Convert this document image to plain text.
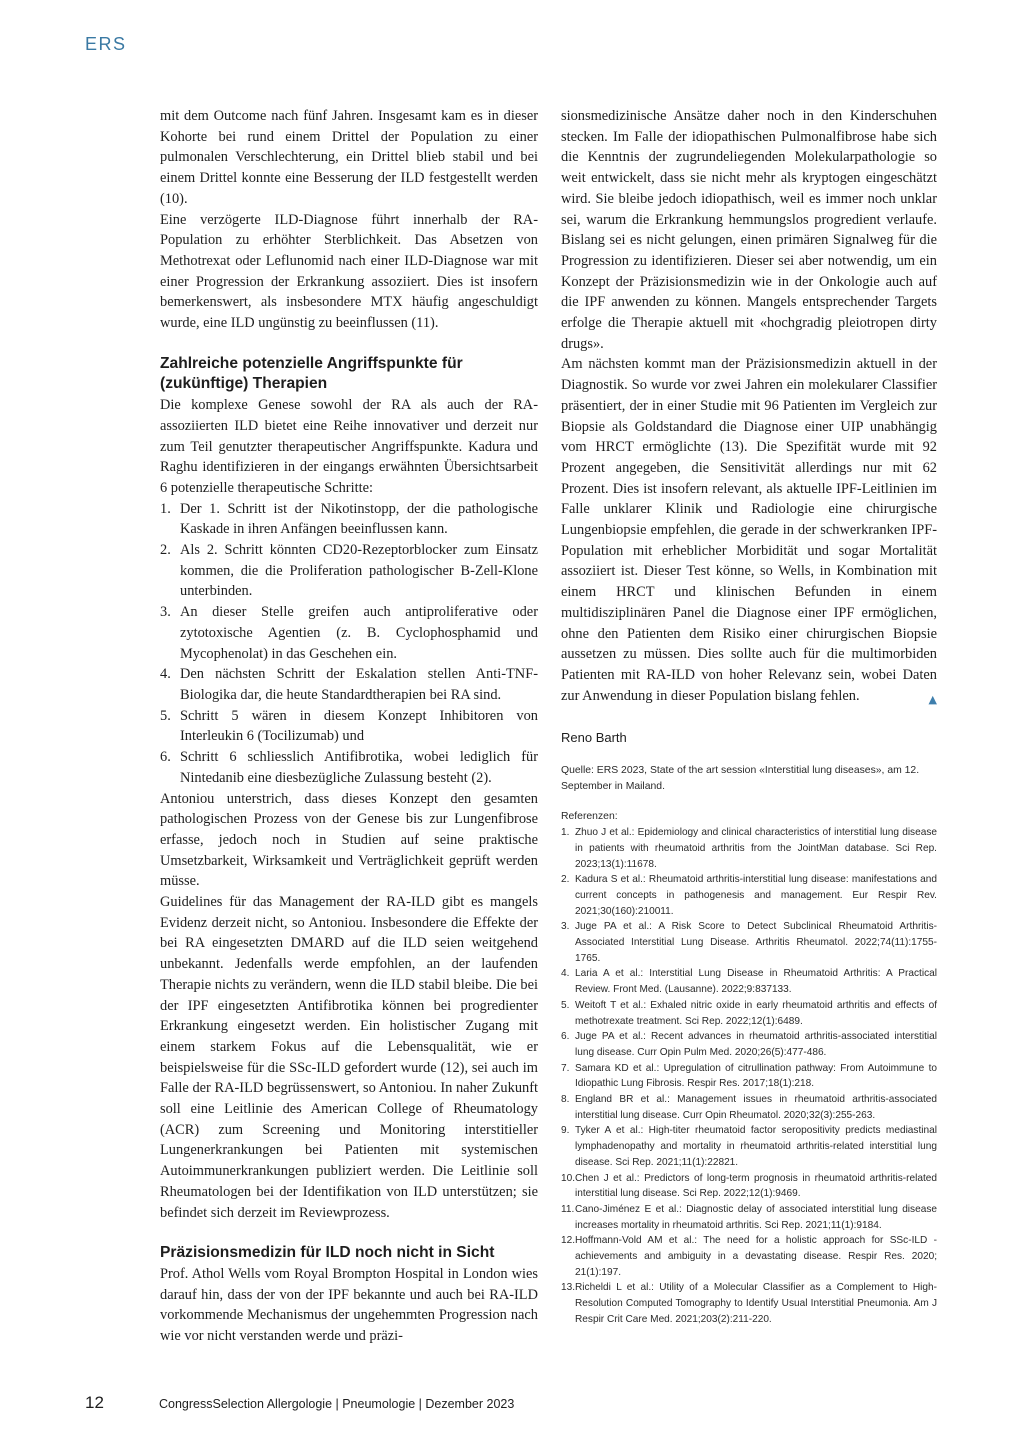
ERS

mit dem Outcome nach fünf Jahren. Insgesamt kam es in dieser Kohorte bei rund einem Drittel der Population zu einer pulmonalen Verschlechterung, ein Drittel blieb stabil und bei einem Drittel konnte eine Besserung der ILD festgestellt werden (10).

Eine verzögerte ILD-Diagnose führt innerhalb der RA-Population zu erhöhter Sterblichkeit. Das Absetzen von Methotrexat oder Leflunomid nach einer ILD-Diagnose war mit einer Progression der Erkrankung assoziiert. Dies ist insofern bemerkenswert, als insbesondere MTX häufig angeschuldigt wurde, eine ILD ungünstig zu beeinflussen (11).

Zahlreiche potenzielle Angriffspunkte für (zukünftige) Therapien

Die komplexe Genese sowohl der RA als auch der RA-assoziierten ILD bietet eine Reihe innovativer und derzeit nur zum Teil genutzter therapeutischer Angriffspunkte. Kadura und Raghu identifizieren in der eingangs erwähnten Übersichtsarbeit 6 potenzielle therapeutische Schritte:

1. Der 1. Schritt ist der Nikotinstopp, der die pathologische Kaskade in ihren Anfängen beeinflussen kann.
2. Als 2. Schritt könnten CD20-Rezeptorblocker zum Einsatz kommen, die die Proliferation pathologischer B-Zell-Klone unterbinden.
3. An dieser Stelle greifen auch antiproliferative oder zytotoxische Agentien (z. B. Cyclophosphamid und Mycophenolat) in das Geschehen ein.
4. Den nächsten Schritt der Eskalation stellen Anti-TNF-Biologika dar, die heute Standardtherapien bei RA sind.
5. Schritt 5 wären in diesem Konzept Inhibitoren von Interleukin 6 (Tocilizumab) und
6. Schritt 6 schliesslich Antifibrotika, wobei lediglich für Nintedanib eine diesbezügliche Zulassung besteht (2).

Antoniou unterstrich, dass dieses Konzept den gesamten pathologischen Prozess von der Genese bis zur Lungenfibrose erfasse, jedoch noch in Studien auf seine praktische Umsetzbarkeit, Wirksamkeit und Verträglichkeit geprüft werden müsse.

Guidelines für das Management der RA-ILD gibt es mangels Evidenz derzeit nicht, so Antoniou. Insbesondere die Effekte der bei RA eingesetzten DMARD auf die ILD seien weitgehend unbekannt. Jedenfalls werde empfohlen, an der laufenden Therapie nichts zu verändern, wenn die ILD stabil bleibe. Die bei der IPF eingesetzten Antifibrotika können bei progredienter Erkrankung eingesetzt werden. Ein holistischer Zugang mit einem starkem Fokus auf die Lebensqualität, wie er beispielsweise für die SSc-ILD gefordert wurde (12), sei auch im Falle der RA-ILD begrüssenswert, so Antoniou. In naher Zukunft soll eine Leitlinie des American College of Rheumatology (ACR) zum Screening und Monitoring interstitieller Lungenerkrankungen bei Patienten mit systemischen Autoimmunerkrankungen publiziert werden. Die Leitlinie soll Rheumatologen bei der Identifikation von ILD unterstützen; sie befindet sich derzeit im Reviewprozess.

Präzisionsmedizin für ILD noch nicht in Sicht

Prof. Athol Wells vom Royal Brompton Hospital in London wies darauf hin, dass der von der IPF bekannte und auch bei RA-ILD vorkommende Mechanismus der ungehemmten Progression nach wie vor nicht verstanden werde und präzi-

sionsmedizinische Ansätze daher noch in den Kinderschuhen stecken. Im Falle der idiopathischen Pulmonalfibrose habe sich die Kenntnis der zugrundeliegenden Molekularpathologie so weit entwickelt, dass sie nicht mehr als kryptogen eingeschätzt wird. Sie bleibe jedoch idiopathisch, weil es immer noch unklar sei, warum die Erkrankung hemmungslos progredient verlaufe. Bislang sei es nicht gelungen, einen primären Signalweg für die Progression zu identifizieren. Dieser sei aber notwendig, um ein Konzept der Präzisionsmedizin wie in der Onkologie auch auf die IPF anwenden zu können. Mangels entsprechender Targets erfolge die Therapie aktuell mit «hochgradig pleiotropen dirty drugs».

Am nächsten kommt man der Präzisionsmedizin aktuell in der Diagnostik. So wurde vor zwei Jahren ein molekularer Classifier präsentiert, der in einer Studie mit 96 Patienten im Vergleich zur Biopsie als Goldstandard die Diagnose einer UIP unabhängig vom HRCT ermöglichte (13). Die Spezifität wurde mit 92 Prozent angegeben, die Sensitivität allerdings nur mit 62 Prozent. Dies ist insofern relevant, als aktuelle IPF-Leitlinien im Falle unklarer Klinik und Radiologie eine chirurgische Lungenbiopsie empfehlen, die gerade in der schwerkranken IPF-Population mit erheblicher Morbidität und sogar Mortalität assoziiert ist. Dieser Test könne, so Wells, in Kombination mit einem HRCT und klinischen Befunden in einem multidisziplinären Panel die Diagnose einer IPF ermöglichen, ohne den Patienten dem Risiko einer chirurgischen Biopsie aussetzen zu müssen. Dies sollte auch für die multimorbiden Patienten mit RA-ILD von hoher Relevanz sein, wobei Daten zur Anwendung in dieser Population bislang fehlen.	▲

Reno Barth
Quelle: ERS 2023, State of the art session «Interstitial lung diseases», am 12. September in Mailand.
Referenzen:
1. Zhuo J et al.: Epidemiology and clinical characteristics of interstitial lung disease in patients with rheumatoid arthritis from the JointMan database. Sci Rep. 2023;13(1):11678.
2. Kadura S et al.: Rheumatoid arthritis-interstitial lung disease: manifestations and current concepts in pathogenesis and management. Eur Respir Rev. 2021;30(160):210011.
3. Juge PA et al.: A Risk Score to Detect Subclinical Rheumatoid Arthritis-Associated Interstitial Lung Disease. Arthritis Rheumatol. 2022;74(11):1755-1765.
4. Laria A et al.: Interstitial Lung Disease in Rheumatoid Arthritis: A Practical Review. Front Med. (Lausanne). 2022;9:837133.
5. Weitoft T et al.: Exhaled nitric oxide in early rheumatoid arthritis and effects of methotrexate treatment. Sci Rep. 2022;12(1):6489.
6. Juge PA et al.: Recent advances in rheumatoid arthritis-associated interstitial lung disease. Curr Opin Pulm Med. 2020;26(5):477-486.
7. Samara KD et al.: Upregulation of citrullination pathway: From Autoimmune to Idiopathic Lung Fibrosis. Respir Res. 2017;18(1):218.
8. England BR et al.: Management issues in rheumatoid arthritis-associated interstitial lung disease. Curr Opin Rheumatol. 2020;32(3):255-263.
9. Tyker A et al.: High-titer rheumatoid factor seropositivity predicts mediastinal lymphadenopathy and mortality in rheumatoid arthritis-related interstitial lung disease. Sci Rep. 2021;11(1):22821.
10. Chen J et al.: Predictors of long-term prognosis in rheumatoid arthritis-related interstitial lung disease. Sci Rep. 2022;12(1):9469.
11. Cano-Jiménez E et al.: Diagnostic delay of associated interstitial lung disease increases mortality in rheumatoid arthritis. Sci Rep. 2021;11(1):9184.
12. Hoffmann-Vold AM et al.: The need for a holistic approach for SSc-ILD - achievements and ambiguity in a devastating disease. Respir Res. 2020; 21(1):197.
13. Richeldi L et al.: Utility of a Molecular Classifier as a Complement to High-Resolution Computed Tomography to Identify Usual Interstitial Pneumonia. Am J Respir Crit Care Med. 2021;203(2):211-220.
12	CongressSelection Allergologie | Pneumologie | Dezember 2023
